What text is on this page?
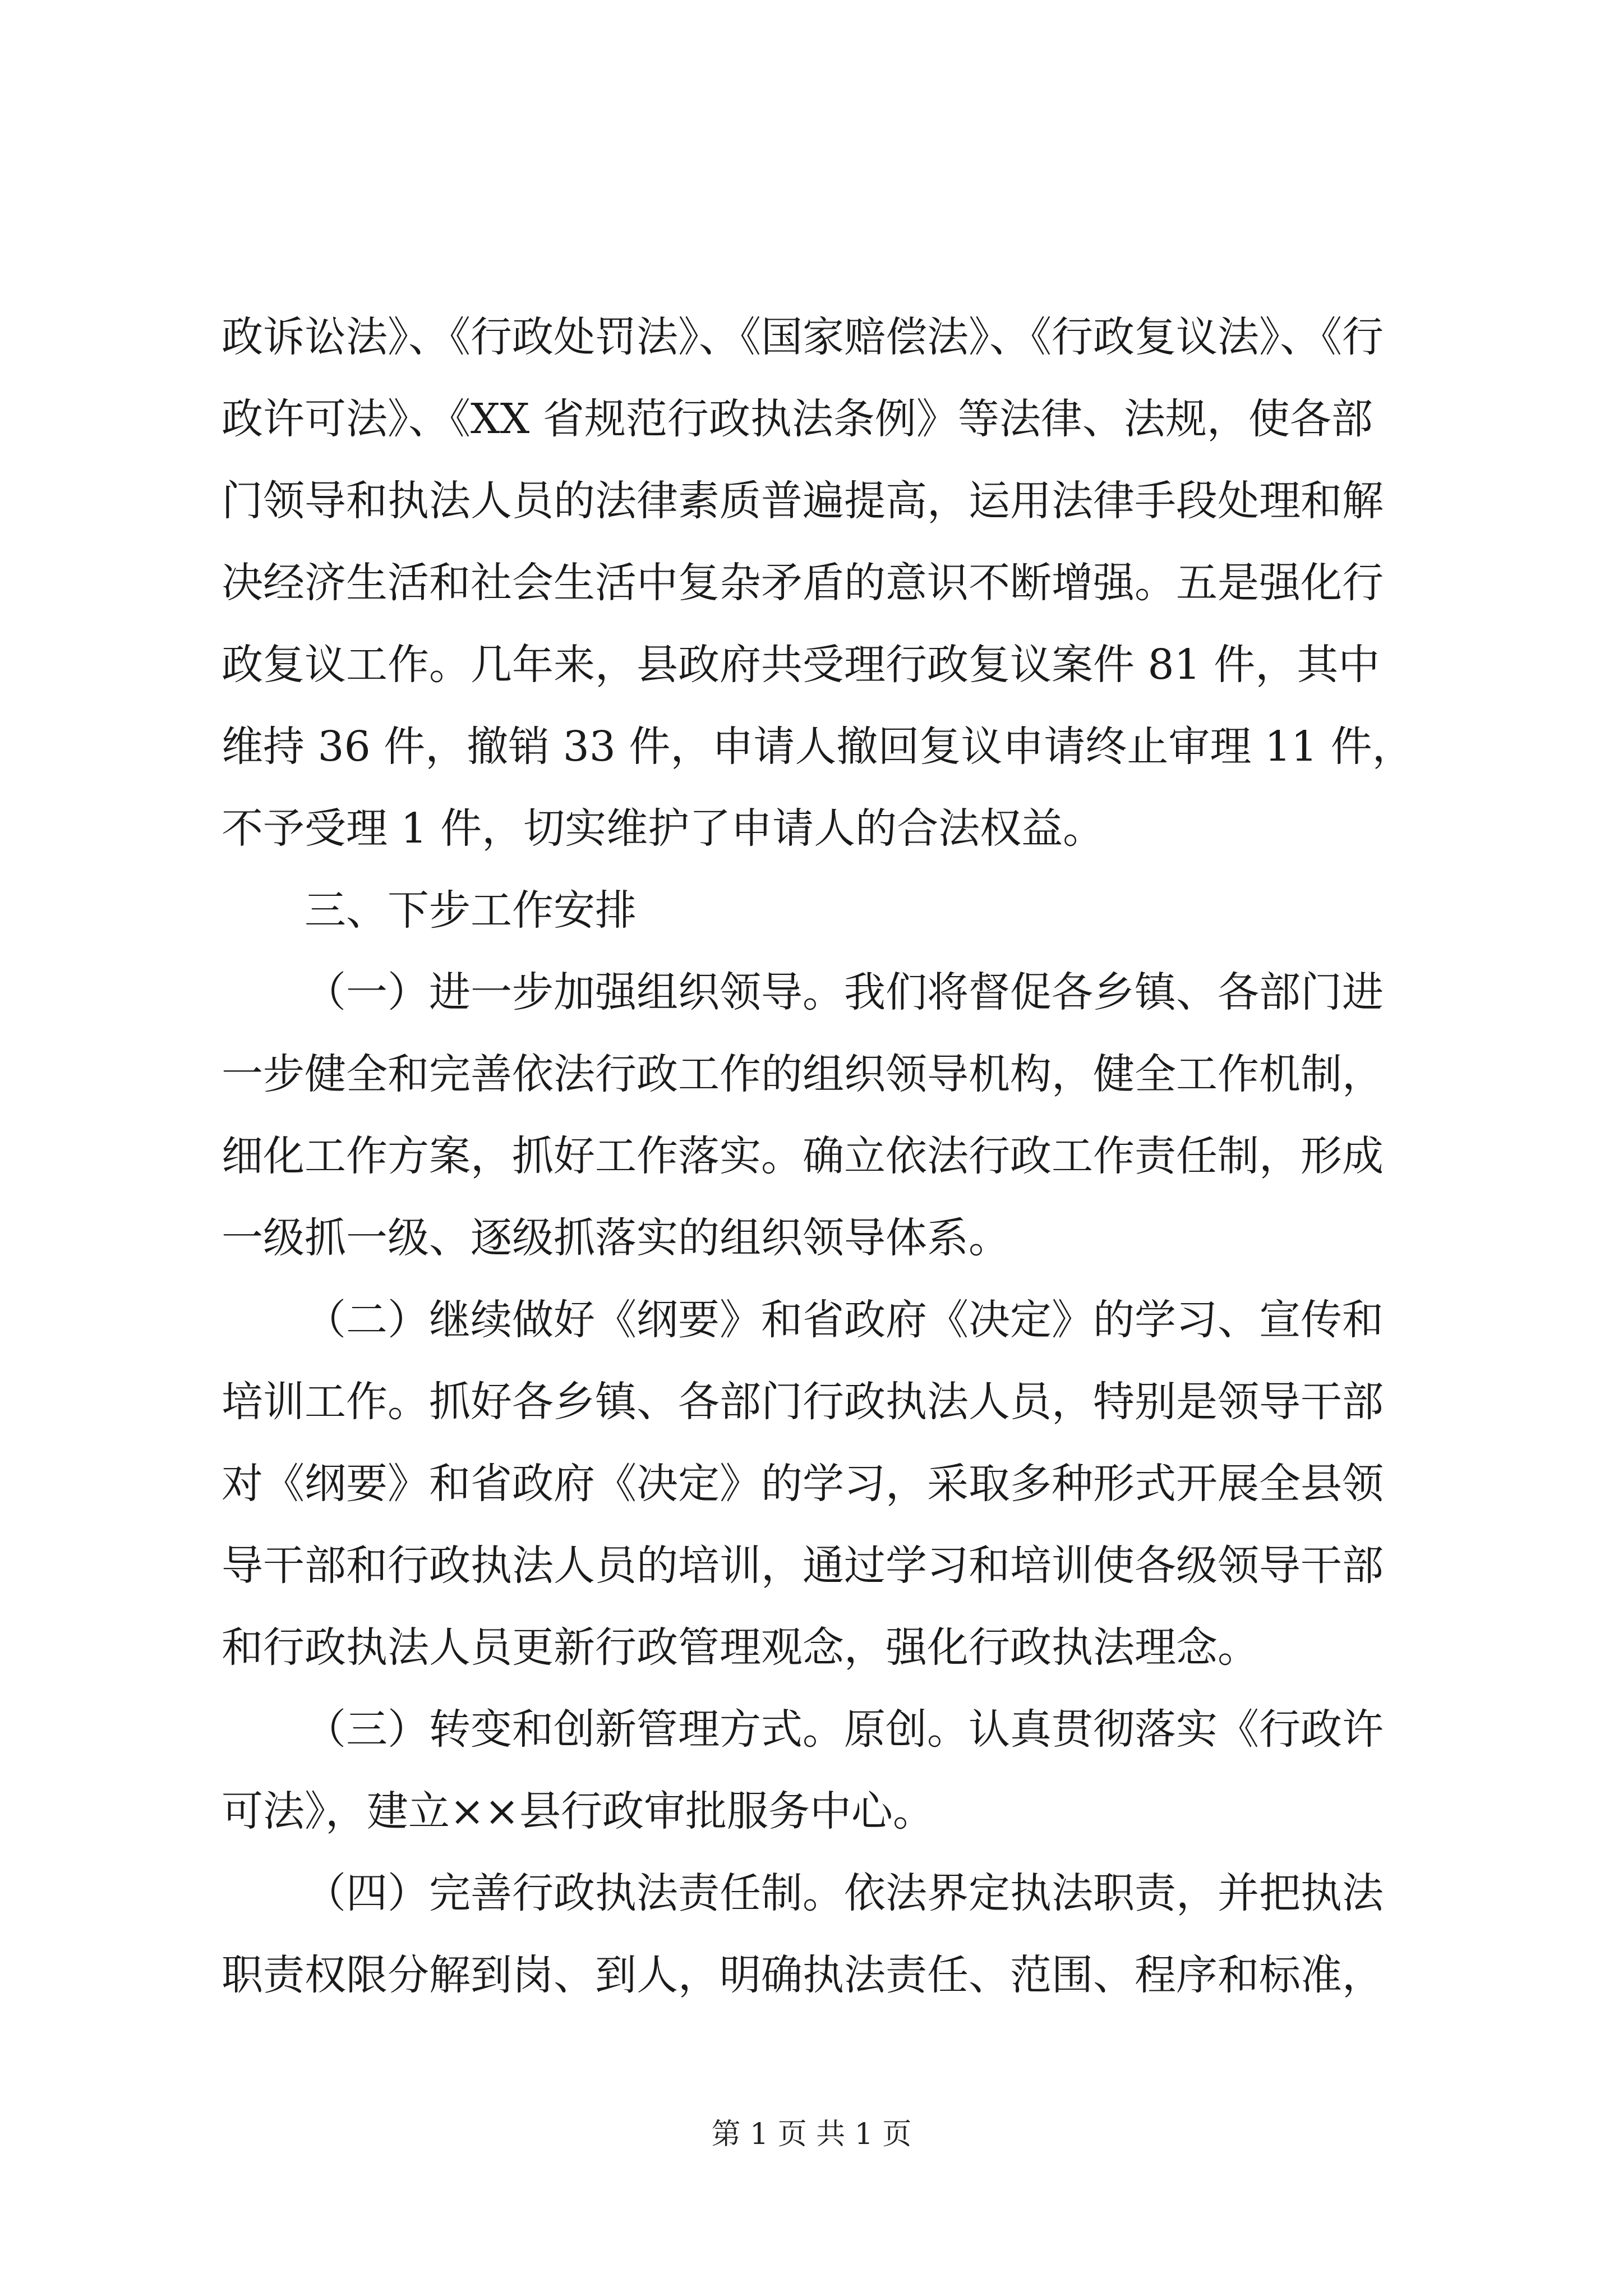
政诉讼法》、《行政处罚法》、《国家赔偿法》、《行政复议法》、《行
政许可法》、《XX 省规范行政执法条例》等法律、法规，使各部
门领导和执法人员的法律素质普遍提高，运用法律手段处理和解
决经济生活和社会生活中复杂矛盾的意识不断增强。五是强化行
政复议工作。几年来，县政府共受理行政复议案件 81 件，其中
维持 36 件，撤销 33 件，申请人撤回复议申请终止审理 11 件，
不予受理 1 件，切实维护了申请人的合法权益。
三、下步工作安排
（一）进一步加强组织领导。我们将督促各乡镇、各部门进
一步健全和完善依法行政工作的组织领导机构，健全工作机制，
细化工作方案，抓好工作落实。确立依法行政工作责任制，形成
一级抓一级、逐级抓落实的组织领导体系。
（二）继续做好《纲要》和省政府《决定》的学习、宣传和
培训工作。抓好各乡镇、各部门行政执法人员，特别是领导干部
对《纲要》和省政府《决定》的学习，采取多种形式开展全县领
导干部和行政执法人员的培训，通过学习和培训使各级领导干部
和行政执法人员更新行政管理观念，强化行政执法理念。
（三）转变和创新管理方式。原创。认真贯彻落实《行政许
可法》，建立××县行政审批服务中心。
（四）完善行政执法责任制。依法界定执法职责，并把执法
职责权限分解到岗、到人，明确执法责任、范围、程序和标准，
第 1 页 共 1 页
